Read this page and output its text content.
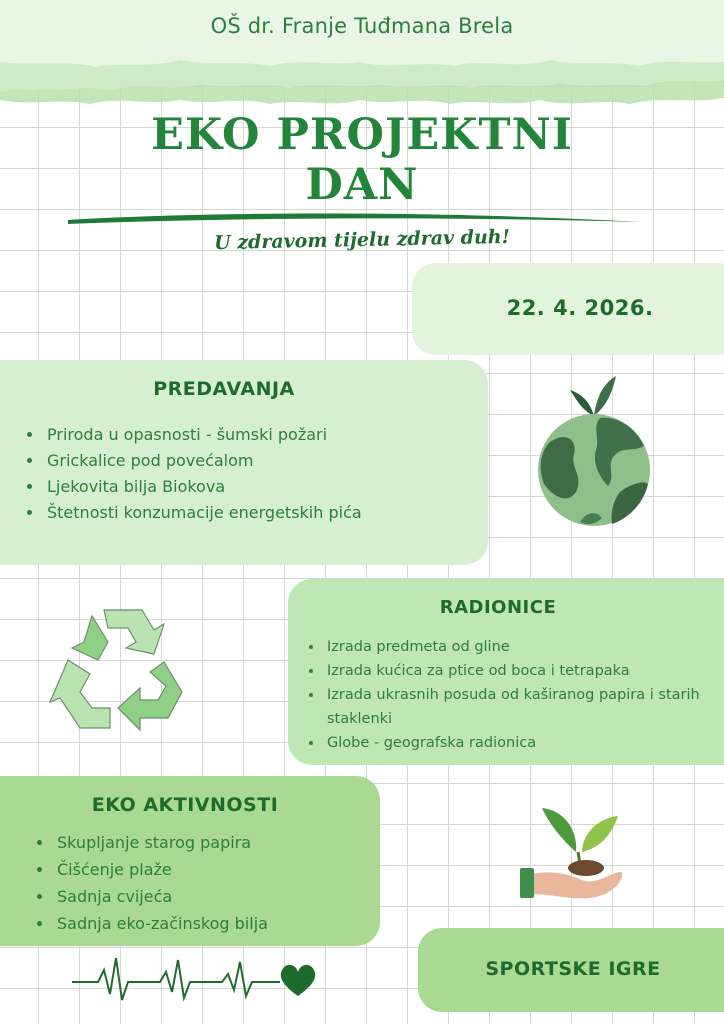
OŠ dr. Franje Tuđmana Brela
EKO PROJEKTNI
DAN
U zdravom tijelu zdrav duh!
22. 4. 2026.
PREDAVANJA
• Priroda u opasnosti - šumski požari
• Grickalice pod povećalom
• Ljekovita bilja Biokova
• Štetnosti konzumacije energetskih pića
RADIONICE
• Izrada predmeta od gline
• Izrada kućica za ptice od boca i tetrapaka
• Izrada ukrasnih posuda od kaširanog papira i starih staklenki
• Globe - geografska radionica
EKO AKTIVNOSTI
• Skupljanje starog papira
• Čišćenje plaže
• Sadnja cvijeća
• Sadnja eko-začinskog bilja
SPORTSKE IGRE
